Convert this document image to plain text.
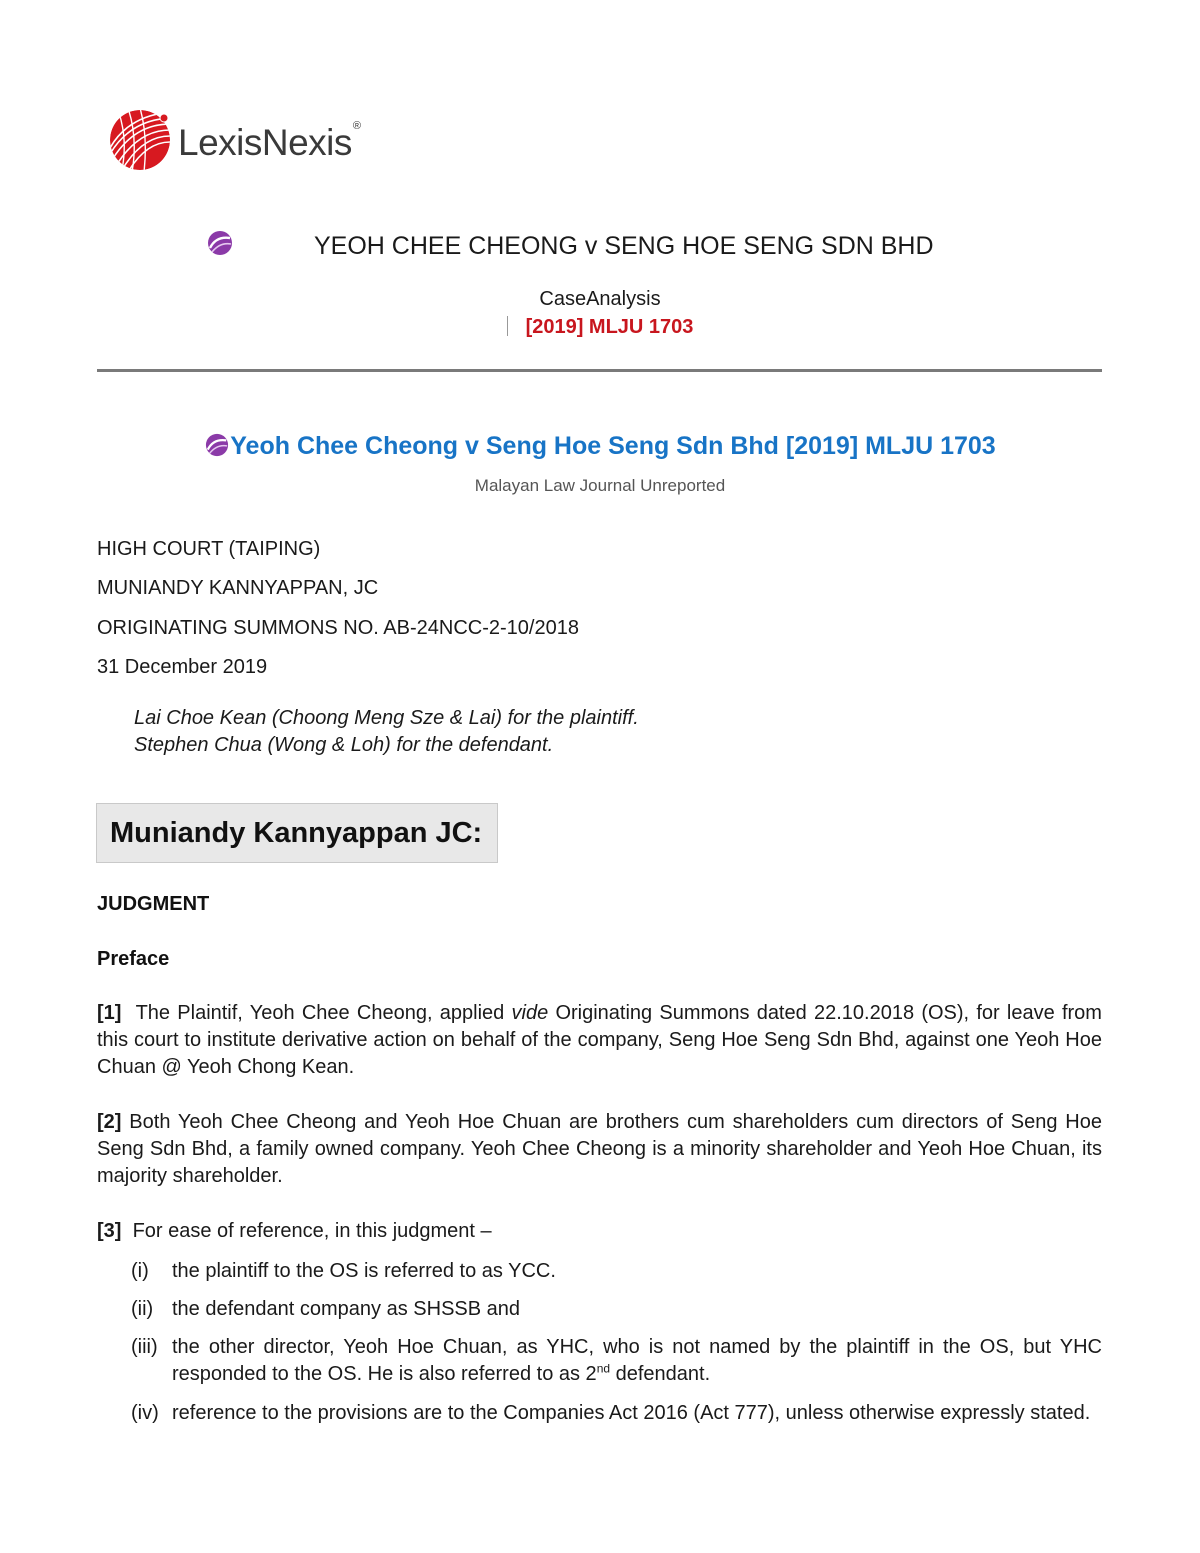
LexisNexis®
YEOH CHEE CHEONG v SENG HOE SENG SDN BHD
CaseAnalysis
[2019] MLJU 1703
Yeoh Chee Cheong v Seng Hoe Seng Sdn Bhd [2019] MLJU 1703
Malayan Law Journal Unreported
HIGH COURT (TAIPING)
MUNIANDY KANNYAPPAN, JC
ORIGINATING SUMMONS NO. AB-24NCC-2-10/2018
31 December 2019
Lai Choe Kean (Choong Meng Sze & Lai) for the plaintiff.
Stephen Chua (Wong & Loh) for the defendant.
Muniandy Kannyappan JC:
JUDGMENT
Preface
[1] The Plaintif, Yeoh Chee Cheong, applied vide Originating Summons dated 22.10.2018 (OS), for leave from this court to institute derivative action on behalf of the company, Seng Hoe Seng Sdn Bhd, against one Yeoh Hoe Chuan @ Yeoh Chong Kean.
[2] Both Yeoh Chee Cheong and Yeoh Hoe Chuan are brothers cum shareholders cum directors of Seng Hoe Seng Sdn Bhd, a family owned company. Yeoh Chee Cheong is a minority shareholder and Yeoh Hoe Chuan, its majority shareholder.
[3] For ease of reference, in this judgment –
(i) the plaintiff to the OS is referred to as YCC.
(ii) the defendant company as SHSSB and
(iii) the other director, Yeoh Hoe Chuan, as YHC, who is not named by the plaintiff in the OS, but YHC responded to the OS. He is also referred to as 2nd defendant.
(iv) reference to the provisions are to the Companies Act 2016 (Act 777), unless otherwise expressly stated.
